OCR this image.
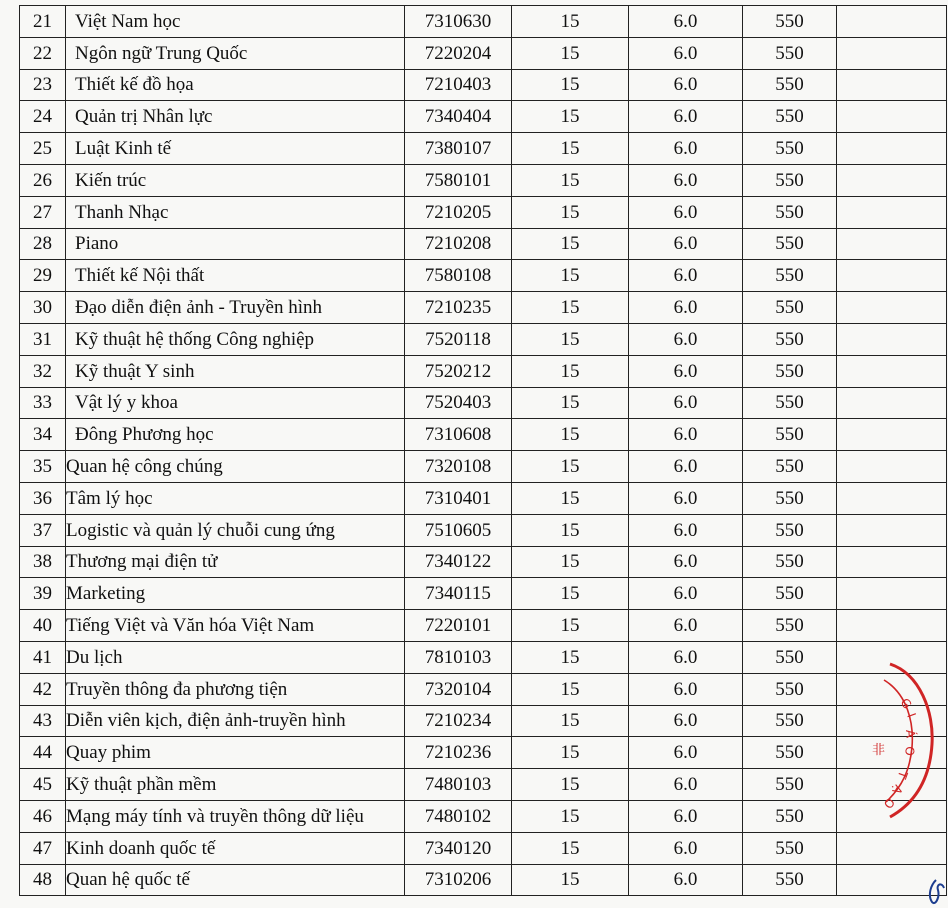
21	Việt Nam học	7310630	15	6.0	550	
22	Ngôn ngữ Trung Quốc	7220204	15	6.0	550	
23	Thiết kế đồ họa	7210403	15	6.0	550	
24	Quản trị Nhân lực	7340404	15	6.0	550	
25	Luật Kinh tế	7380107	15	6.0	550	
26	Kiến trúc	7580101	15	6.0	550	
27	Thanh Nhạc	7210205	15	6.0	550	
28	Piano	7210208	15	6.0	550	
29	Thiết kế Nội thất	7580108	15	6.0	550	
30	Đạo diễn điện ảnh - Truyền hình	7210235	15	6.0	550	
31	Kỹ thuật hệ thống Công nghiệp	7520118	15	6.0	550	
32	Kỹ thuật Y sinh	7520212	15	6.0	550	
33	Vật lý y khoa	7520403	15	6.0	550	
34	Đông Phương học	7310608	15	6.0	550	
35	Quan hệ công chúng	7320108	15	6.0	550	
36	Tâm lý học	7310401	15	6.0	550	
37	Logistic và quản lý chuỗi cung ứng	7510605	15	6.0	550	
38	Thương mại điện tử	7340122	15	6.0	550	
39	Marketing	7340115	15	6.0	550	
40	Tiếng Việt và Văn hóa Việt Nam	7220101	15	6.0	550	
41	Du lịch	7810103	15	6.0	550	
42	Truyền thông đa phương tiện	7320104	15	6.0	550	
43	Diễn viên kịch, điện ảnh-truyền hình	7210234	15	6.0	550	
44	Quay phim	7210236	15	6.0	550	
45	Kỹ thuật phần mềm	7480103	15	6.0	550	
46	Mạng máy tính và truyền thông dữ liệu	7480102	15	6.0	550	
47	Kinh doanh quốc tế	7340120	15	6.0	550	
48	Quan hệ quốc tế	7310206	15	6.0	550	
G
I
Á
O
T
Ạ
O
非
